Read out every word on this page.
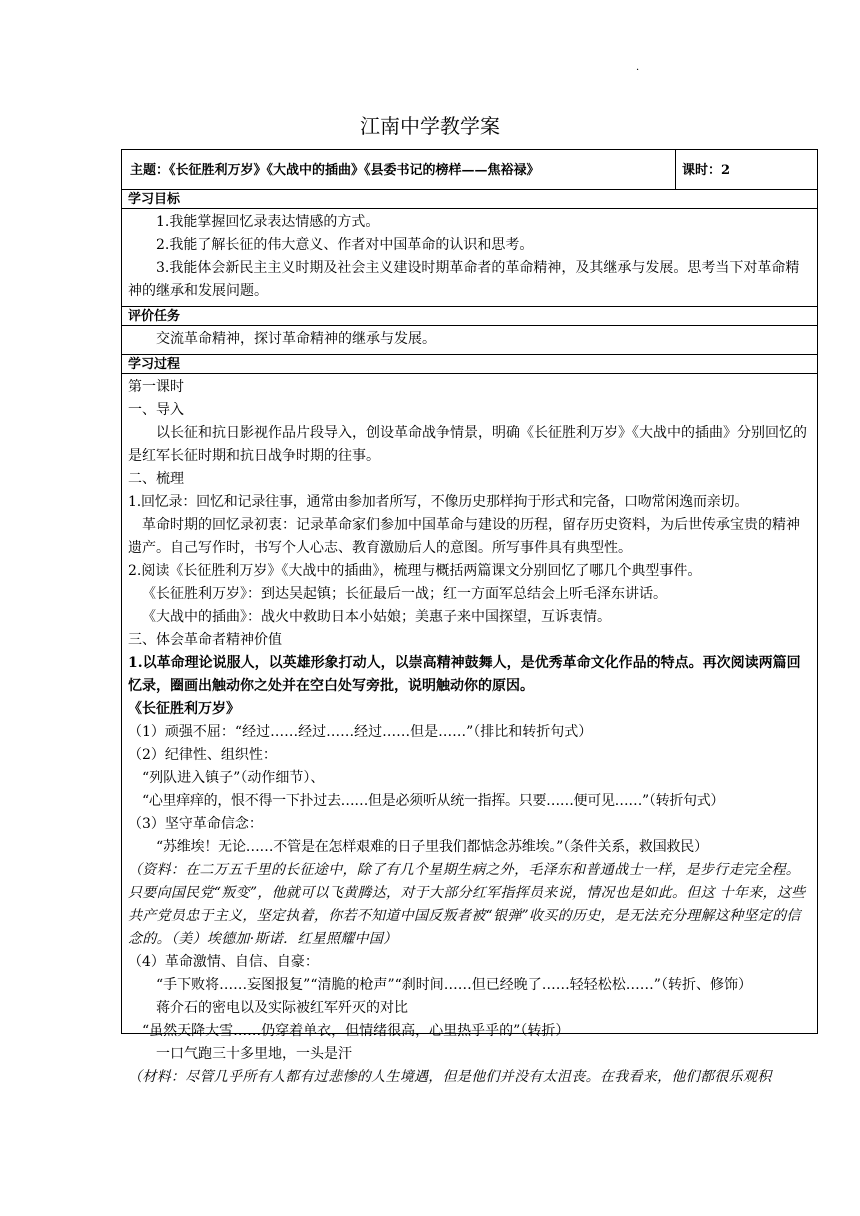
·
江南中学教学案
主题：《长征胜利万岁》《大战中的插曲》《县委书记的榜样——焦裕禄》	课时：2
学习目标

1.我能掌握回忆录表达情感的方式。

2.我能了解长征的伟大意义、作者对中国革命的认识和思考。

3.我能体会新民主主义时期及社会主义建设时期革命者的革命精神，及其继承与发展。思考当下对革命精神的继承和发展问题。

评价任务

交流革命精神，探讨革命精神的继承与发展。

学习过程

第一课时

一、导入

以长征和抗日影视作品片段导入，创设革命战争情景，明确《长征胜利万岁》《大战中的插曲》分别回忆的是红军长征时期和抗日战争时期的往事。

二、梳理

1.回忆录：回忆和记录往事，通常由参加者所写，不像历史那样拘于形式和完备，口吻常闲逸而亲切。

革命时期的回忆录初衷：记录革命家们参加中国革命与建设的历程，留存历史资料，为后世传承宝贵的精神遗产。自己写作时，书写个人心志、教育激励后人的意图。所写事件具有典型性。

2.阅读《长征胜利万岁》《大战中的插曲》，梳理与概括两篇课文分别回忆了哪几个典型事件。

《长征胜利万岁》：到达吴起镇；长征最后一战；红一方面军总结会上听毛泽东讲话。

《大战中的插曲》：战火中救助日本小姑娘；美惠子来中国探望，互诉衷情。

三、体会革命者精神价值

1.以革命理论说服人，以英雄形象打动人，以崇高精神鼓舞人，是优秀革命文化作品的特点。再次阅读两篇回忆录，圈画出触动你之处并在空白处写旁批，说明触动你的原因。

《长征胜利万岁》

（1）顽强不屈：“经过……经过……经过……但是……”（排比和转折句式）

（2）纪律性、组织性：

“列队进入镇子”（动作细节）、

“心里痒痒的，恨不得一下扑过去……但是必须听从统一指挥。只要……便可见……”（转折句式）

（3）坚守革命信念：

“苏维埃！无论……不管是在怎样艰难的日子里我们都惦念苏维埃。”（条件关系，救国救民）

（资料：在二万五千里的长征途中，除了有几个星期生病之外，毛泽东和普通战士一样，是步行走完全程。只要向国民党“叛变”，他就可以飞黄腾达，对于大部分红军指挥员来说，情况也是如此。但这 十年来，这些共产党员忠于主义，坚定执着，你若不知道中国反叛者被“银弹”收买的历史，是无法充分理解这种坚定的信念的。（美）埃德加·斯诺．红星照耀中国）

（4）革命激情、自信、自豪：

“手下败将……妄图报复”“清脆的枪声”“刹时间……但已经晚了……轻轻松松……”（转折、修饰）

蒋介石的密电以及实际被红军歼灭的对比

“虽然天降大雪……仍穿着单衣，但情绪很高，心里热乎乎的”（转折）

一口气跑三十多里地，一头是汗

（材料：尽管几乎所有人都有过悲惨的人生境遇，但是他们并没有太沮丧。在我看来，他们都很乐观积
